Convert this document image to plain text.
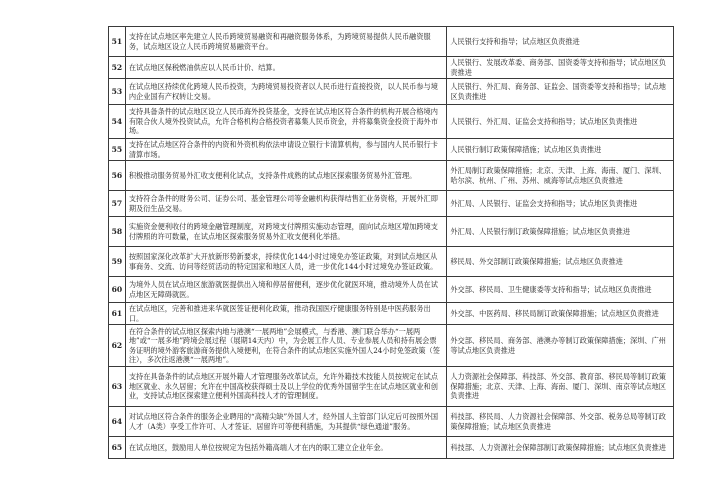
51	支持在试点地区率先建立人民币跨境贸易融资和再融资服务体系，为跨境贸易提供人民币融资服务，试点地区设立人民币跨境贸易融资平台。	人民银行支持和指导；试点地区负责推进
52	在试点地区保税燃油供应以人民币计价、结算。	人民银行、发展改革委、商务部、国资委等支持和指导；试点地区负责推进
53	在试点地区持续优化跨境人民币投资，为跨境贸易投资者以人民币进行直接投资，以人民币参与境内企业国有产权转让交易。	人民银行、外汇局、商务部、证监会、国资委等支持和指导；试点地区负责推进
54	支持具备条件的试点地区设立人民币海外投贷基金，支持在试点地区符合条件的机构开展合格境内有限合伙人境外投资试点，允许合格机构合格投资者募集人民币资金，并将募集资金投资于海外市场。	人民银行、外汇局、证监会支持和指导；试点地区负责推进
55	支持在试点地区符合条件的内资和外资机构依法申请设立银行卡清算机构，参与国内人民币银行卡清算市场。	人民银行制订政策保障措施；试点地区负责推进
56	积极推动服务贸易外汇收支便利化试点，支持条件成熟的试点地区探索服务贸易外汇管理。	外汇局制订政策保障措施；北京、天津、上海、海南、厦门、深圳、哈尔滨、杭州、广州、苏州、威海等试点地区负责推进
57	支持符合条件的财务公司、证券公司、基金管理公司等金融机构获得结售汇业务资格，开展外汇即期及衍生品交易。	外汇局、人民银行、证监会支持和指导；试点地区负责推进
58	实施资金便利收付的跨境金融管理制度，对跨境支付牌照实施动态管理，面向试点地区增加跨境支付牌照的许可数量，在试点地区探索服务贸易外汇收支便利化举措。	外汇局、人民银行制订政策保障措施；试点地区负责推进
59	按照国家深化改革扩大开放新形势新要求，持续优化144小时过境免办签证政策，对到试点地区从事商务、交流、访问等经贸活动的特定国家和地区人员，进一步优化144小时过境免办签证政策。	移民局、外交部制订政策保障措施；试点地区负责推进
60	为境外人员在试点地区旅游就医提供出入境和停居留便利，逐步优化就医环境，推动境外人员在试点地区无障碍就医。	外交部、移民局、卫生健康委等支持和指导；试点地区负责推进
61	在试点地区，完善和推进来华就医签证便利化政策，推动我国医疗健康服务特别是中医药服务出口。	外交部、中医药局、移民局制订政策保障措施；试点地区负责推进
62	在符合条件的试点地区探索内地与港澳“一展两地”会展模式，与香港、澳门联合举办“一展两地”或“一展多地”跨境会展过程（展期14天内）中，为会展工作人员、专业参展人员和持有展会票务证明的境外游客旅游商务提供入境便利，在符合条件的试点地区实施外国人24小时免签政策（签注），多次往返港澳“一展两地”。	外交部、移民局、商务部、港澳办等制订政策保障措施；深圳、广州等试点地区负责推进
63	支持在具备条件的试点地区开展外籍人才管理服务改革试点，允许外籍技术技能人员按规定在试点地区就业、永久居留；允许在中国高校获得硕士及以上学位的优秀外国留学生在试点地区就业和创业，支持试点地区探索建立便利外国高科技人才的管理制度。	人力资源社会保障部、科技部、外交部、教育部、移民局等制订政策保障措施；北京、天津、上海、海南、厦门、深圳、南京等试点地区负责推进
64	对试点地区符合条件的服务企业聘用的“高精尖缺”外国人才，经外国人主管部门认定后可按照外国人才（A类）享受工作许可、人才签证、居留许可等便利措施，为其提供“绿色通道”服务。	科技部、移民局、人力资源社会保障部、外交部、税务总局等制订政策保障措施；试点地区负责推进
65	在试点地区，鼓励用人单位按规定为包括外籍高端人才在内的职工建立企业年金。	科技部、人力资源社会保障部制订政策保障措施；试点地区负责推进
